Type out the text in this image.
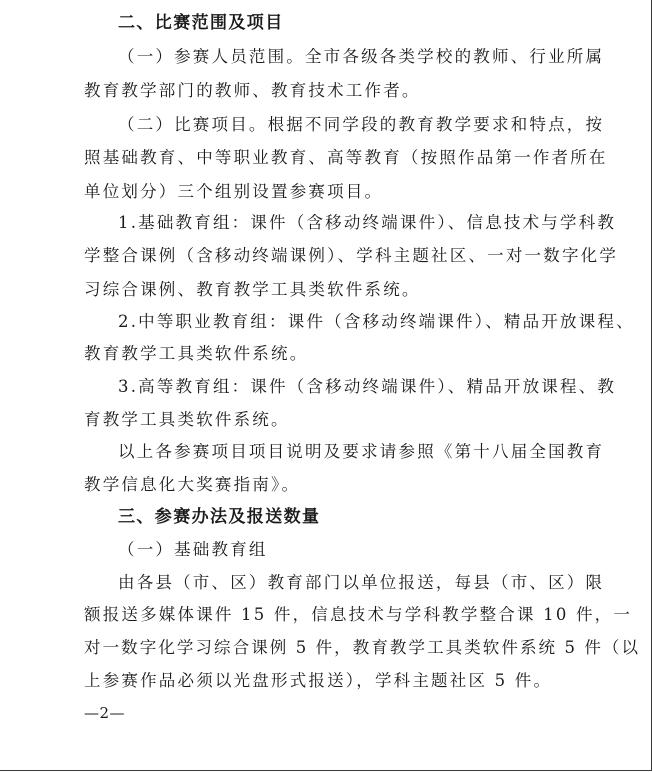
二、比赛范围及项目
（一）参赛人员范围。全市各级各类学校的教师、行业所属
教育教学部门的教师、教育技术工作者。
（二）比赛项目。根据不同学段的教育教学要求和特点，按
照基础教育、中等职业教育、高等教育（按照作品第一作者所在
单位划分）三个组别设置参赛项目。
1.基础教育组：课件（含移动终端课件）、信息技术与学科教
学整合课例（含移动终端课例）、学科主题社区、一对一数字化学
习综合课例、教育教学工具类软件系统。
2.中等职业教育组：课件（含移动终端课件）、精品开放课程、
教育教学工具类软件系统。
3.高等教育组：课件（含移动终端课件）、精品开放课程、教
育教学工具类软件系统。
以上各参赛项目项目说明及要求请参照《第十八届全国教育
教学信息化大奖赛指南》。
三、参赛办法及报送数量
（一）基础教育组
由各县（市、区）教育部门以单位报送，每县（市、区）限
额报送多媒体课件 15 件，信息技术与学科教学整合课 10 件，一
对一数字化学习综合课例 5 件，教育教学工具类软件系统 5 件（以
上参赛作品必须以光盘形式报送），学科主题社区 5 件。
—2—
